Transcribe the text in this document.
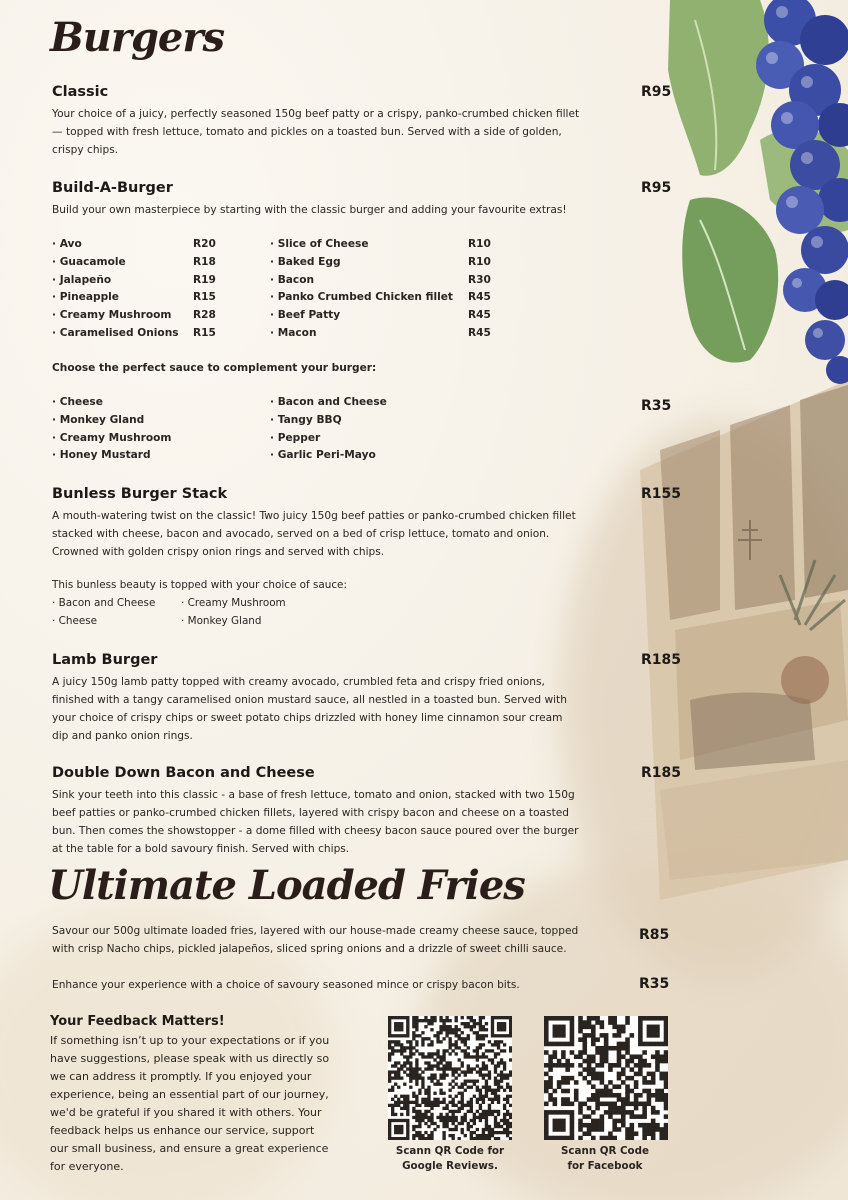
Burgers
Classic	R95
Your choice of a juicy, perfectly seasoned 150g beef patty or a crispy, panko-crumbed chicken fillet
— topped with fresh lettuce, tomato and pickles on a toasted bun. Served with a side of golden,
crispy chips.
Build-A-Burger	R95
Build your own masterpiece by starting with the classic burger and adding your favourite extras!
· Avo	R20
· Guacamole	R18
· Jalapeño	R19
· Pineapple	R15
· Creamy Mushroom R28
· Caramelised Onions R15
· Slice of Cheese	R10
· Baked Egg	R10
· Bacon	R30
· Panko Crumbed Chicken fillet R45
· Beef Patty	R45
· Macon	R45
Choose the perfect sauce to complement your burger:
· Cheese
· Monkey Gland
· Creamy Mushroom
· Honey Mustard
· Bacon and Cheese
· Tangy BBQ
· Pepper
· Garlic Peri-Mayo
R35
Bunless Burger Stack	R155
A mouth-watering twist on the classic! Two juicy 150g beef patties or panko-crumbed chicken fillet
stacked with cheese, bacon and avocado, served on a bed of crisp lettuce, tomato and onion.
Crowned with golden crispy onion rings and served with chips.
This bunless beauty is topped with your choice of sauce:
· Bacon and Cheese
· Cheese
· Creamy Mushroom
· Monkey Gland
Lamb Burger	R185
A juicy 150g lamb patty topped with creamy avocado, crumbled feta and crispy fried onions,
finished with a tangy caramelised onion mustard sauce, all nestled in a toasted bun. Served with
your choice of crispy chips or sweet potato chips drizzled with honey lime cinnamon sour cream
dip and panko onion rings.
Double Down Bacon and Cheese	R185
Sink your teeth into this classic - a base of fresh lettuce, tomato and onion, stacked with two 150g
beef patties or panko-crumbed chicken fillets, layered with crispy bacon and cheese on a toasted
bun. Then comes the showstopper - a dome filled with cheesy bacon sauce poured over the burger
at the table for a bold savoury finish. Served with chips.
Ultimate Loaded Fries
Savour our 500g ultimate loaded fries, layered with our house-made creamy cheese sauce, topped
with crisp Nacho chips, pickled jalapeños, sliced spring onions and a drizzle of sweet chilli sauce.
R85
Enhance your experience with a choice of savoury seasoned mince or crispy bacon bits.	R35
Your Feedback Matters!
If something isn’t up to your expectations or if you
have suggestions, please speak with us directly so
we can address it promptly. If you enjoyed your
experience, being an essential part of our journey,
we'd be grateful if you shared it with others. Your
feedback helps us enhance our service, support
our small business, and ensure a great experience
for everyone.
Scann QR Code for
Google Reviews.
Scann QR Code
for Facebook
